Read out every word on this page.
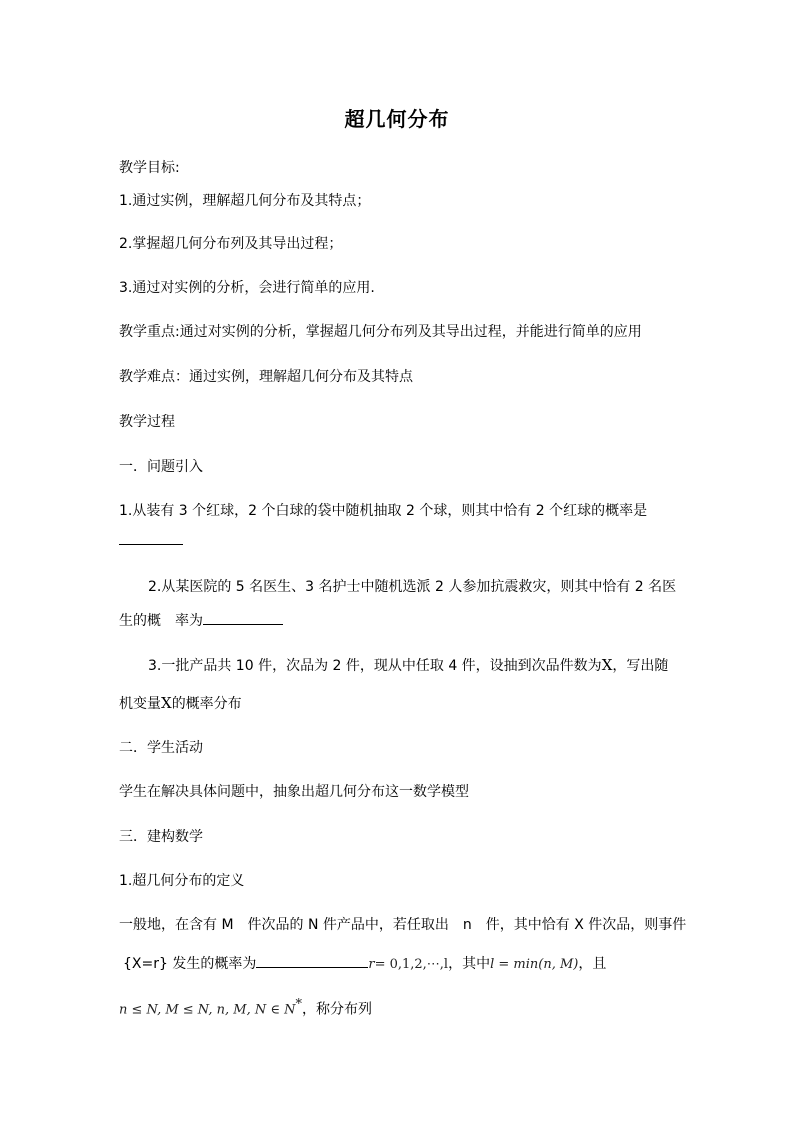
超几何分布
教学目标:
1.通过实例，理解超几何分布及其特点；
2.掌握超几何分布列及其导出过程；
3.通过对实例的分析，会进行简单的应用.
教学重点:通过对实例的分析，掌握超几何分布列及其导出过程，并能进行简单的应用
教学难点：通过实例，理解超几何分布及其特点
教学过程
一．问题引入
1.从装有 3 个红球，2 个白球的袋中随机抽取 2 个球，则其中恰有 2 个红球的概率是
2.从某医院的 5 名医生、3 名护士中随机选派 2 人参加抗震救灾，则其中恰有 2 名医
生的概　率为
3.一批产品共 10 件，次品为 2 件，现从中任取 4 件，设抽到次品件数为X，写出随
机变量X的概率分布
二．学生活动
学生在解决具体问题中，抽象出超几何分布这一数学模型
三．建构数学
1.超几何分布的定义
一般地，在含有 M　件次品的 N 件产品中，若任取出　n　件，其中恰有 X 件次品，则事件
{X=r} 发生的概率为	r= 0,1,2,⋯,l，其中l = min(n, M)，且
n ≤ N, M ≤ N, n, M, N ∈ N*，称分布列
